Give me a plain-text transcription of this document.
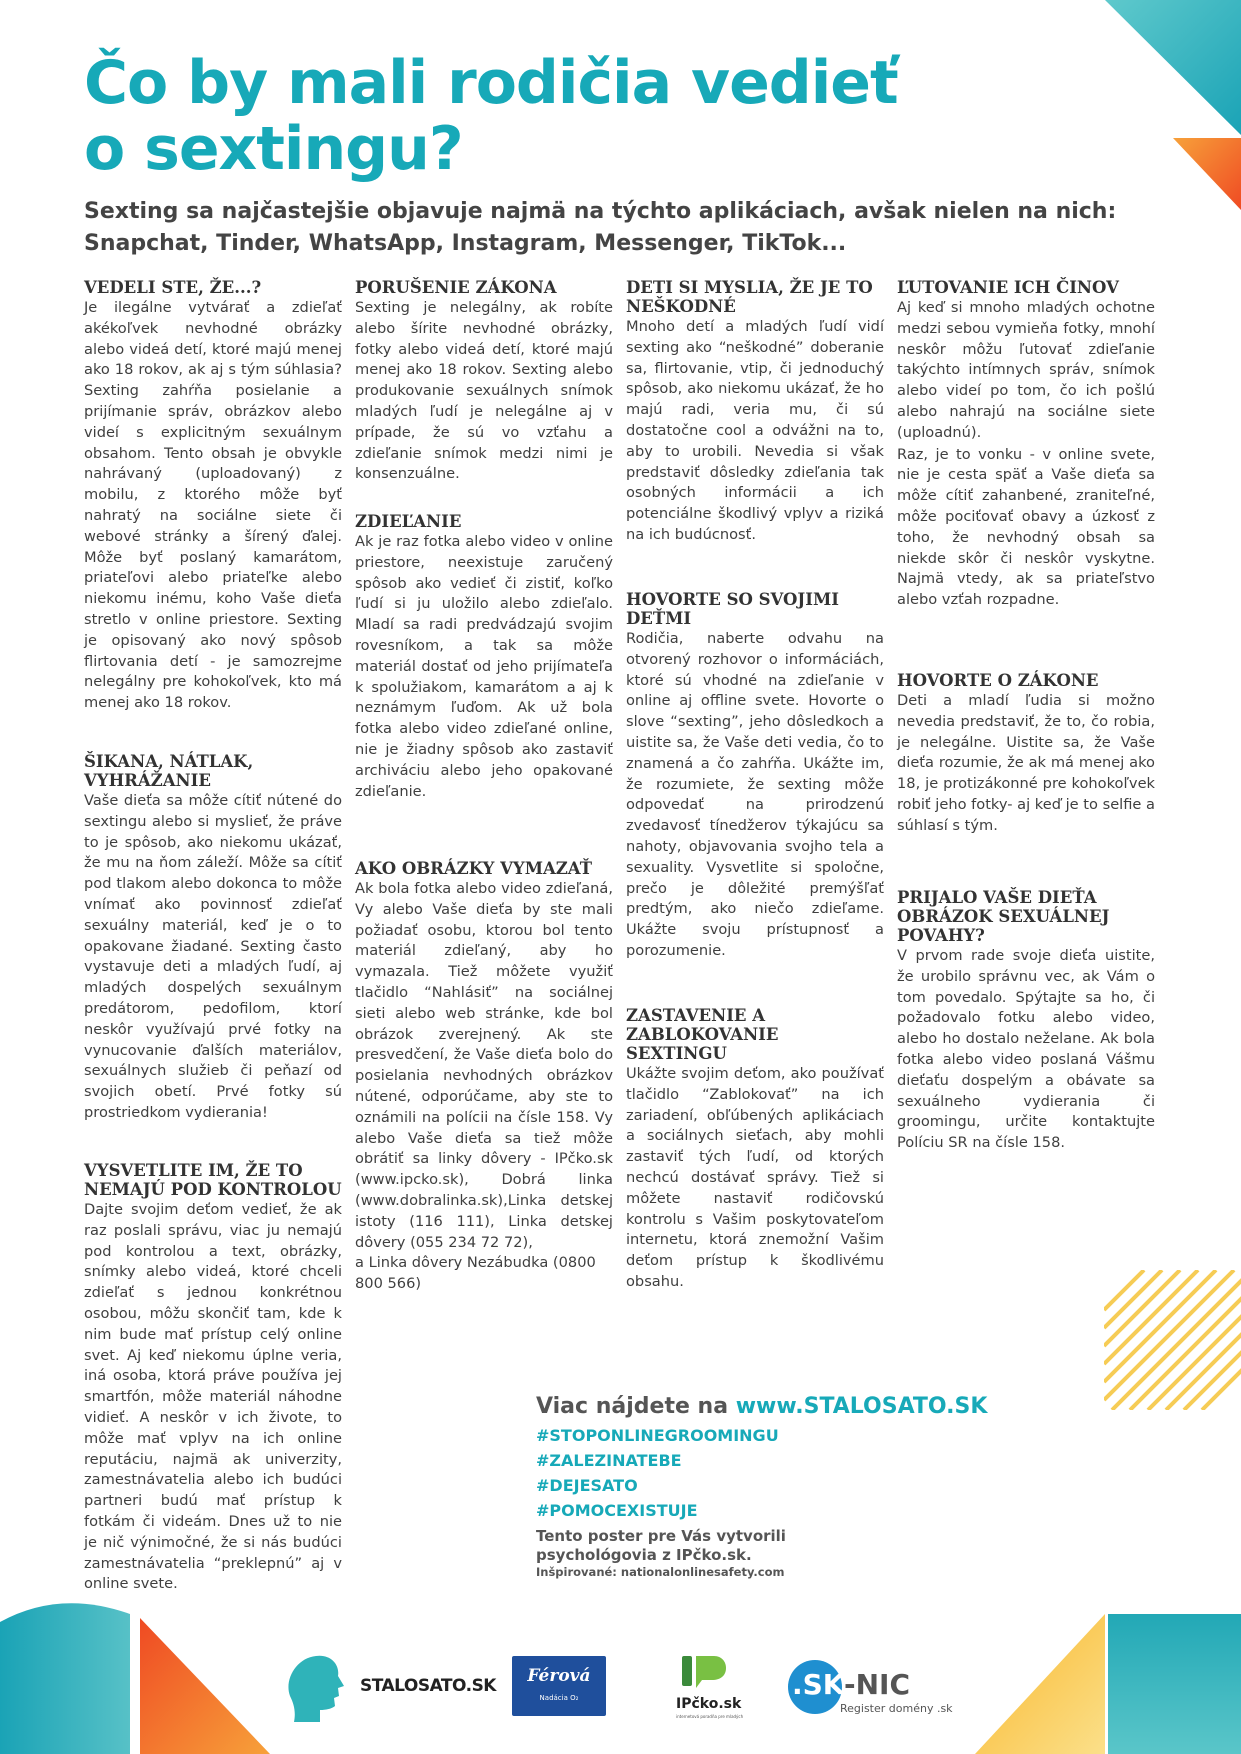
Čo by mali rodičia vedieť
o sextingu?
Sexting sa najčastejšie objavuje najmä na týchto aplikáciach, avšak nielen na nich:
Snapchat, Tinder, WhatsApp, Instagram, Messenger, TikTok...
VEDELI STE, ŽE...?

Je ilegálne vytvárať a zdieľať akékoľvek nevhodné obrázky alebo videá detí, ktoré majú menej ako 18 rokov, ak aj s tým súhlasia? Sexting zahŕňa posielanie a prijímanie správ, obrázkov alebo videí s explicitným sexuálnym obsahom. Tento obsah je obvykle nahrávaný (uploadovaný) z mobilu, z ktorého môže byť nahratý na sociálne siete či webové stránky a šírený ďalej. Môže byť poslaný kamarátom, priateľovi alebo priateľke alebo niekomu inému, koho Vaše dieťa stretlo v online priestore. Sexting je opisovaný ako nový spôsob flirtovania detí - je samozrejme nelegálny pre kohokoľvek, kto má menej ako 18 rokov.

ŠIKANA, NÁTLAK, VYHRÁŽANIE

Vaše dieťa sa môže cítiť nútené do sextingu alebo si myslieť, že práve to je spôsob, ako niekomu ukázať, že mu na ňom záleží. Môže sa cítiť pod tlakom alebo dokonca to môže vnímať ako povinnosť zdieľať sexuálny materiál, keď je o to opakovane žiadané. Sexting často vystavuje deti a mladých ľudí, aj mladých dospelých sexuálnym predátorom, pedofilom, ktorí neskôr využívajú prvé fotky na vynucovanie ďalších materiálov, sexuálnych služieb či peňazí od svojich obetí. Prvé fotky sú prostriedkom vydierania!

VYSVETLITE IM, ŽE TO NEMAJÚ POD KONTROLOU

Dajte svojim deťom vedieť, že ak raz poslali správu, viac ju nemajú pod kontrolou a text, obrázky, snímky alebo videá, ktoré chceli zdieľať s jednou konkrétnou osobou, môžu skončiť tam, kde k nim bude mať prístup celý online svet. Aj keď niekomu úplne veria, iná osoba, ktorá práve používa jej smartfón, môže materiál náhodne vidieť. A neskôr v ich živote, to môže mať vplyv na ich online reputáciu, najmä ak univerzity, zamestnávatelia alebo ich budúci partneri budú mať prístup k fotkám či videám. Dnes už to nie je nič výnimočné, že si nás budúci zamestnávatelia “preklepnú” aj v online svete.

PORUŠENIE ZÁKONA

Sexting je nelegálny, ak robíte alebo šírite nevhodné obrázky, fotky alebo videá detí, ktoré majú menej ako 18 rokov. Sexting alebo produkovanie sexuálnych snímok mladých ľudí je nelegálne aj v prípade, že sú vo vzťahu a zdieľanie snímok medzi nimi je konsenzuálne.

ZDIEĽANIE

Ak je raz fotka alebo video v online priestore, neexistuje zaručený spôsob ako vedieť či zistiť, koľko ľudí si ju uložilo alebo zdieľalo. Mladí sa radi predvádzajú svojim rovesníkom, a tak sa môže materiál dostať od jeho prijímateľa k spolužiakom, kamarátom a aj k neznámym ľuďom. Ak už bola fotka alebo video zdieľané online, nie je žiadny spôsob ako zastaviť archiváciu alebo jeho opakované zdieľanie.

AKO OBRÁZKY VYMAZAŤ

Ak bola fotka alebo video zdieľaná, Vy alebo Vaše dieťa by ste mali požiadať osobu, ktorou bol tento materiál zdieľaný, aby ho vymazala. Tiež môžete využiť tlačidlo “Nahlásiť” na sociálnej sieti alebo web stránke, kde bol obrázok zverejnený. Ak ste presvedčení, že Vaše dieťa bolo do posielania nevhodných obrázkov nútené, odporúčame, aby ste to oznámili na polícii na čísle 158. Vy alebo Vaše dieťa sa tiež môže obrátiť sa linky dôvery - IPčko.sk (www.ipcko.sk), Dobrá linka (www.dobralinka.sk),Linka detskej istoty (116 111), Linka detskej dôvery (055 234 72 72),

a Linka dôvery Nezábudka (0800 800 566)

DETI SI MYSLIA, ŽE JE TO NEŠKODNÉ

Mnoho detí a mladých ľudí vidí sexting ako “neškodné” doberanie sa, flirtovanie, vtip, či jednoduchý spôsob, ako niekomu ukázať, že ho majú radi, veria mu, či sú dostatočne cool a odvážni na to, aby to urobili. Nevedia si však predstaviť dôsledky zdieľania tak osobných informácii a ich potenciálne škodlivý vplyv a riziká na ich budúcnosť.

HOVORTE SO SVOJIMI DEŤMI

Rodičia, naberte odvahu na otvorený rozhovor o informáciách, ktoré sú vhodné na zdieľanie v online aj offline svete. Hovorte o slove “sexting”, jeho dôsledkoch a uistite sa, že Vaše deti vedia, čo to znamená a čo zahŕňa. Ukážte im, že rozumiete, že sexting môže odpovedať na prirodzenú zvedavosť tínedžerov týkajúcu sa nahoty, objavovania svojho tela a sexuality. Vysvetlite si spoločne, prečo je dôležité premýšľať predtým, ako niečo zdieľame. Ukážte svoju prístupnosť a porozumenie.

ZASTAVENIE A ZABLOKOVANIE SEXTINGU

Ukážte svojim deťom, ako používať tlačidlo “Zablokovať” na ich zariadení, obľúbených aplikáciach a sociálnych sieťach, aby mohli zastaviť tých ľudí, od ktorých nechcú dostávať správy. Tiež si môžete nastaviť rodičovskú kontrolu s Vašim poskytovateľom internetu, ktorá znemožní Vašim deťom prístup k škodlivému obsahu.

ĽUTOVANIE ICH ČINOV

Aj keď si mnoho mladých ochotne medzi sebou vymieňa fotky, mnohí neskôr môžu ľutovať zdieľanie takýchto intímnych správ, snímok alebo videí po tom, čo ich pošlú alebo nahrajú na sociálne siete (uploadnú).

Raz, je to vonku - v online svete, nie je cesta späť a Vaše dieťa sa môže cítiť zahanbené, zraniteľné, môže pociťovať obavy a úzkosť z toho, že nevhodný obsah sa niekde skôr či neskôr vyskytne. Najmä vtedy, ak sa priateľstvo alebo vzťah rozpadne.

HOVORTE O ZÁKONE

Deti a mladí ľudia si možno nevedia predstaviť, že to, čo robia, je nelegálne. Uistite sa, že Vaše dieťa rozumie, že ak má menej ako 18, je protizákonné pre kohokoľvek robiť jeho fotky- aj keď je to selfie a súhlasí s tým.

PRIJALO VAŠE DIEŤA OBRÁZOK SEXUÁLNEJ POVAHY?

V prvom rade svoje dieťa uistite, že urobilo správnu vec, ak Vám o tom povedalo. Spýtajte sa ho, či požadovalo fotku alebo video, alebo ho dostalo neželane. Ak bola fotka alebo video poslaná Vášmu dieťaťu dospelým a obávate sa sexuálneho vydierania či groomingu, určite kontaktujte Políciu SR na čísle 158.

Viac nájdete na www.STALOSATO.SK

#STOPONLINEGROOMINGU

#ZALEZINATEBE

#DEJESATO

#POMOCEXISTUJE

Tento poster pre Vás vytvorili psychológovia z IPčko.sk.

Inšpirované: nationalonlinesafety.com

STALOSATO.SK	Férová
Nadácia O₂	IPčko.sk
internetová poradňa pre mladých
.SK -NIC
Register domény .sk
